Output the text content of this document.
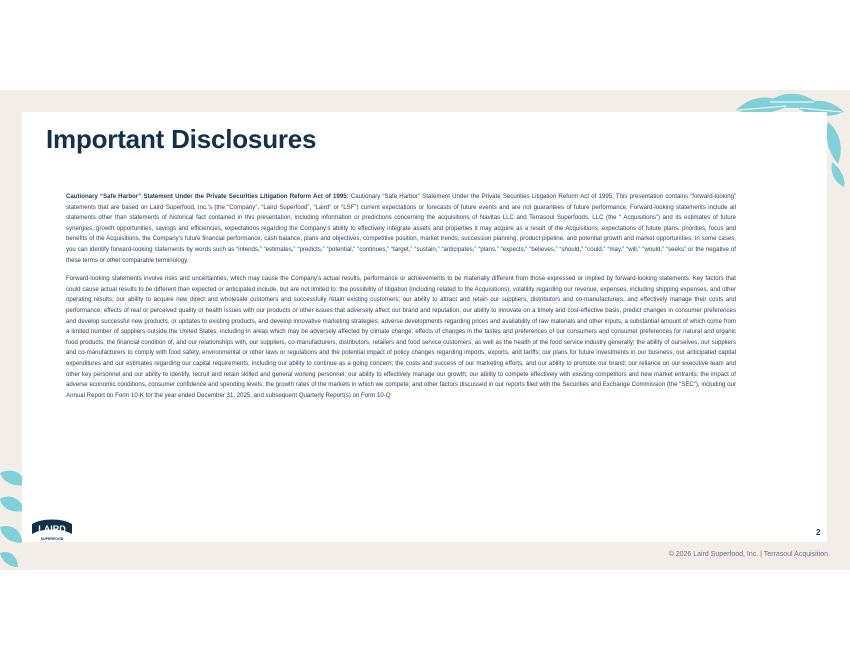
Important Disclosures

Cautionary “Safe Harbor” Statement Under the Private Securities Litigation Reform Act of 1995: Cautionary “Safe Harbor” Statement Under the Private Securities Litigation Reform Act of 1995: This presentation contains “forward-looking” statements that are based on Laird Superfood, Inc.’s (the “Company”, “Laird Superfood”, “Laird” or “LSF”) current expectations or forecasts of future events and are not guarantees of future performance. Forward-looking statements include all statements other than statements of historical fact contained in this presentation, including information or predictions concerning the acquisitions of Navitas LLC and Terrasoul Superfoods, LLC (the “ Acquisitions”) and its estimates of future synergies, growth opportunities, savings and efficiencies, expectations regarding the Company’s ability to effectively integrate assets and properties it may acquire as a result of the Acquisitions, expectations of future plans, priorities, focus and benefits of the Acquisitions, the Company’s future financial performance, cash balance, plans and objectives, competitive position, market trends, succession planning, product pipeline, and potential growth and market opportunities. In some cases, you can identify forward-looking statements by words such as “intends,” “estimates,” “predicts,” “potential,” “continues,” “target,” “sustain,” “anticipates,” “plans,” “expects,” “believes,” “should,” “could,” “may,” “will,” “would,” “seeks” or the negative of these terms or other comparable terminology.

Forward-looking statements involve risks and uncertainties, which may cause the Company’s actual results, performance or achievements to be materially different from those expressed or implied by forward-looking statements. Key factors that could cause actual results to be different than expected or anticipated include, but are not limited to: the possibility of litigation (including related to the Acquisitions), volatility regarding our revenue, expenses, including shipping expenses, and other operating results; our ability to acquire new direct and wholesale customers and successfully retain existing customers; our ability to attract and retain our suppliers, distributors and co-manufacturers, and effectively manage their costs and performance; effects of real or perceived quality or health issues with our products or other issues that adversely affect our brand and reputation; our ability to innovate on a timely and cost-effective basis, predict changes in consumer preferences and develop successful new products, or updates to existing products, and develop innovative marketing strategies; adverse developments regarding prices and availability of raw materials and other inputs, a substantial amount of which come from a limited number of suppliers outside the United States, including in areas which may be adversely affected by climate change; effects of changes in the tastes and preferences of our consumers and consumer preferences for natural and organic food products; the financial condition of, and our relationships with, our suppliers, co-manufacturers, distributors, retailers and food service customers, as well as the health of the food service industry generally; the ability of ourselves, our suppliers and co-manufacturers to comply with food safety, environmental or other laws or regulations and the potential impact of policy changes regarding imports, exports, and tariffs; our plans for future investments in our business, our anticipated capital expenditures and our estimates regarding our capital requirements, including our ability to continue as a going concern; the costs and success of our marketing efforts, and our ability to promote our brand; our reliance on our executive team and other key personnel and our ability to identify, recruit and retain skilled and general working personnel; our ability to effectively manage our growth; our ability to compete effectively with existing competitors and new market entrants; the impact of adverse economic conditions, consumer confidence and spending levels; the growth rates of the markets in which we compete; and other factors discussed in our reports filed with the Securities and Exchange Commission (the “SEC”), including our Annual Report on Form 10-K for the year ended December 31, 2025, and subsequent Quarterly Report(s) on Form 10-Q

LAIRD
SUPERFOOD
2
© 2026 Laird Superfood, Inc. | Terrasoul Acquisition
